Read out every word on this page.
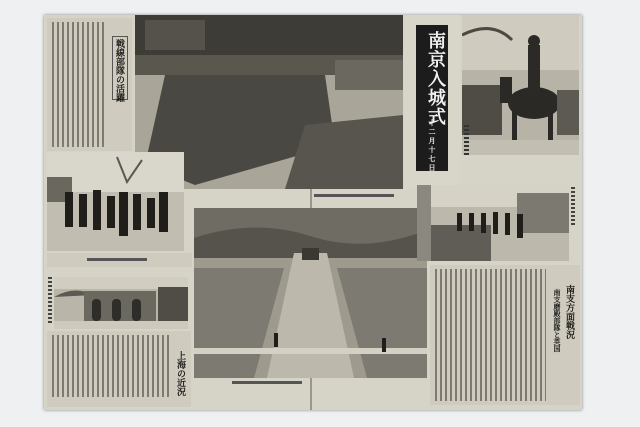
戦線部隊の活躍	南京入城式
十二月十七日
上海の近況
南支方面戦況
南支磨殿部隊と英国
